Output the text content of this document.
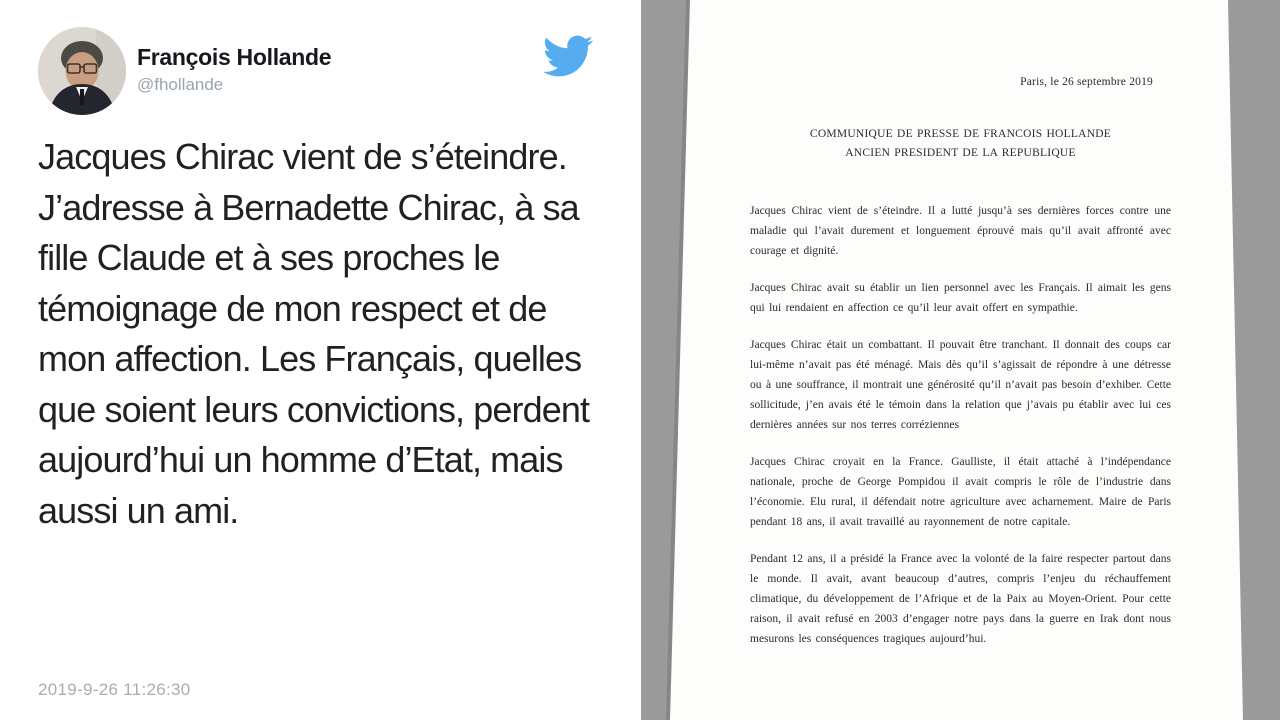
François Hollande
@fhollande
Jacques Chirac vient de s’éteindre. J’adresse à Bernadette Chirac, à sa fille Claude et à ses proches le témoignage de mon respect et de mon affection. Les Français, quelles que soient leurs convictions, perdent aujourd’hui un homme d’Etat, mais aussi un ami.
2019-9-26 11:26:30
Paris, le 26 septembre 2019
COMMUNIQUE DE PRESSE DE FRANCOIS HOLLANDE
ANCIEN PRESIDENT DE LA REPUBLIQUE

Jacques Chirac vient de s’éteindre. Il a lutté jusqu’à ses dernières forces contre une maladie qui l’avait durement et longuement éprouvé mais qu’il avait affronté avec courage et dignité.

Jacques Chirac avait su établir un lien personnel avec les Français. Il aimait les gens qui lui rendaient en affection ce qu’il leur avait offert en sympathie.

Jacques Chirac était un combattant. Il pouvait être tranchant. Il donnait des coups car lui-même n’avait pas été ménagé. Mais dès qu’il s’agissait de répondre à une détresse ou à une souffrance, il montrait une générosité qu’il n’avait pas besoin d’exhiber. Cette sollicitude, j’en avais été le témoin dans la relation que j’avais pu établir avec lui ces dernières années sur nos terres corréziennes

Jacques Chirac croyait en la France. Gaulliste, il était attaché à l’indépendance nationale, proche de George Pompidou il avait compris le rôle de l’industrie dans l’économie. Elu rural, il défendait notre agriculture avec acharnement. Maire de Paris pendant 18 ans, il avait travaillé au rayonnement de notre capitale.

Pendant 12 ans, il a présidé la France avec la volonté de la faire respecter partout dans le monde. Il avait, avant beaucoup d’autres, compris l’enjeu du réchauffement climatique, du développement de l’Afrique et de la Paix au Moyen-Orient. Pour cette raison, il avait refusé en 2003 d’engager notre pays dans la guerre en Irak dont nous mesurons les conséquences tragiques aujourd’hui.
